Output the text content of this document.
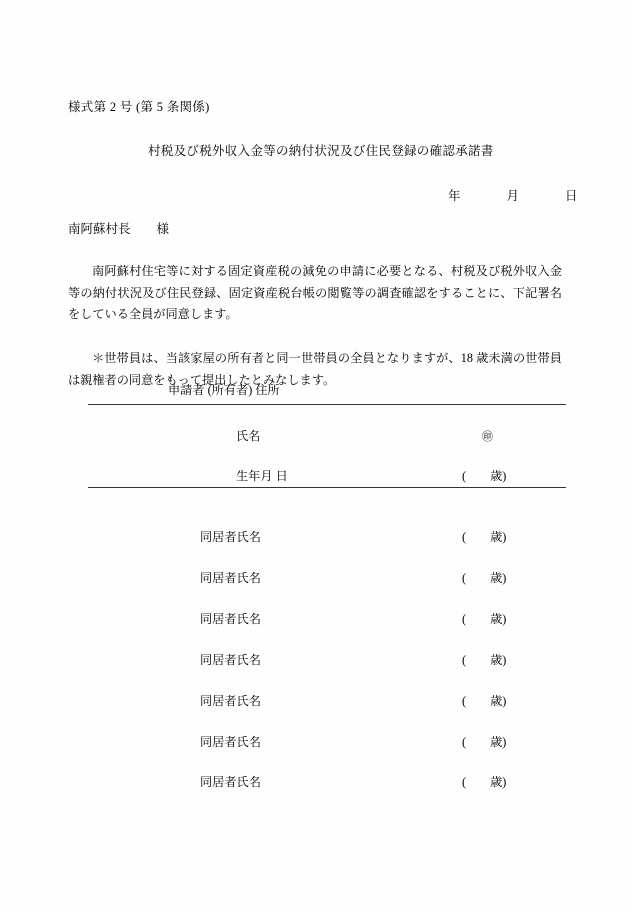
様式第 2 号 (第 5 条関係)
村税及び税外収入金等の納付状況及び住民登録の確認承諾書
年	月	日
南阿蘇村長 様
南阿蘇村住宅等に対する固定資産税の減免の申請に必要となる、村税及び税外収入金等の納付状況及び住民登録、固定資産税台帳の閲覧等の調査確認をすることに、下記署名をしている全員が同意します。
＊世帯員は、当該家屋の所有者と同一世帯員の全員となりますが、18 歳未満の世帯員は親権者の同意をもって提出したとみなします。
申請者 (所有者) 住所
氏名	㊞
生年月 日	( 歳)
同居者氏名	( 歳)
同居者氏名	( 歳)
同居者氏名	( 歳)
同居者氏名	( 歳)
同居者氏名	( 歳)
同居者氏名	( 歳)
同居者氏名	( 歳)
